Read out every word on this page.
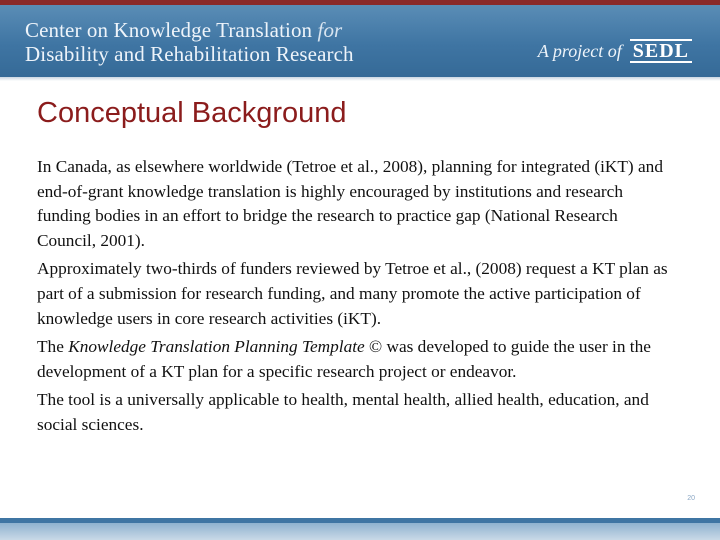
Center on Knowledge Translation for
Disability and Rehabilitation Research	A project of SEDL
Conceptual Background

In Canada, as elsewhere worldwide (Tetroe et al., 2008), planning for integrated (iKT) and end-of-grant knowledge translation is highly encouraged by institutions and research funding bodies in an effort to bridge the research to practice gap (National Research Council, 2001).

Approximately two-thirds of funders reviewed by Tetroe et al., (2008) request a KT plan as part of a submission for research funding, and many promote the active participation of knowledge users in core research activities (iKT).

The Knowledge Translation Planning Template © was developed to guide the user in the development of a KT plan for a specific research project or endeavor.

The tool is a universally applicable to health, mental health, allied health, education, and social sciences.

20
